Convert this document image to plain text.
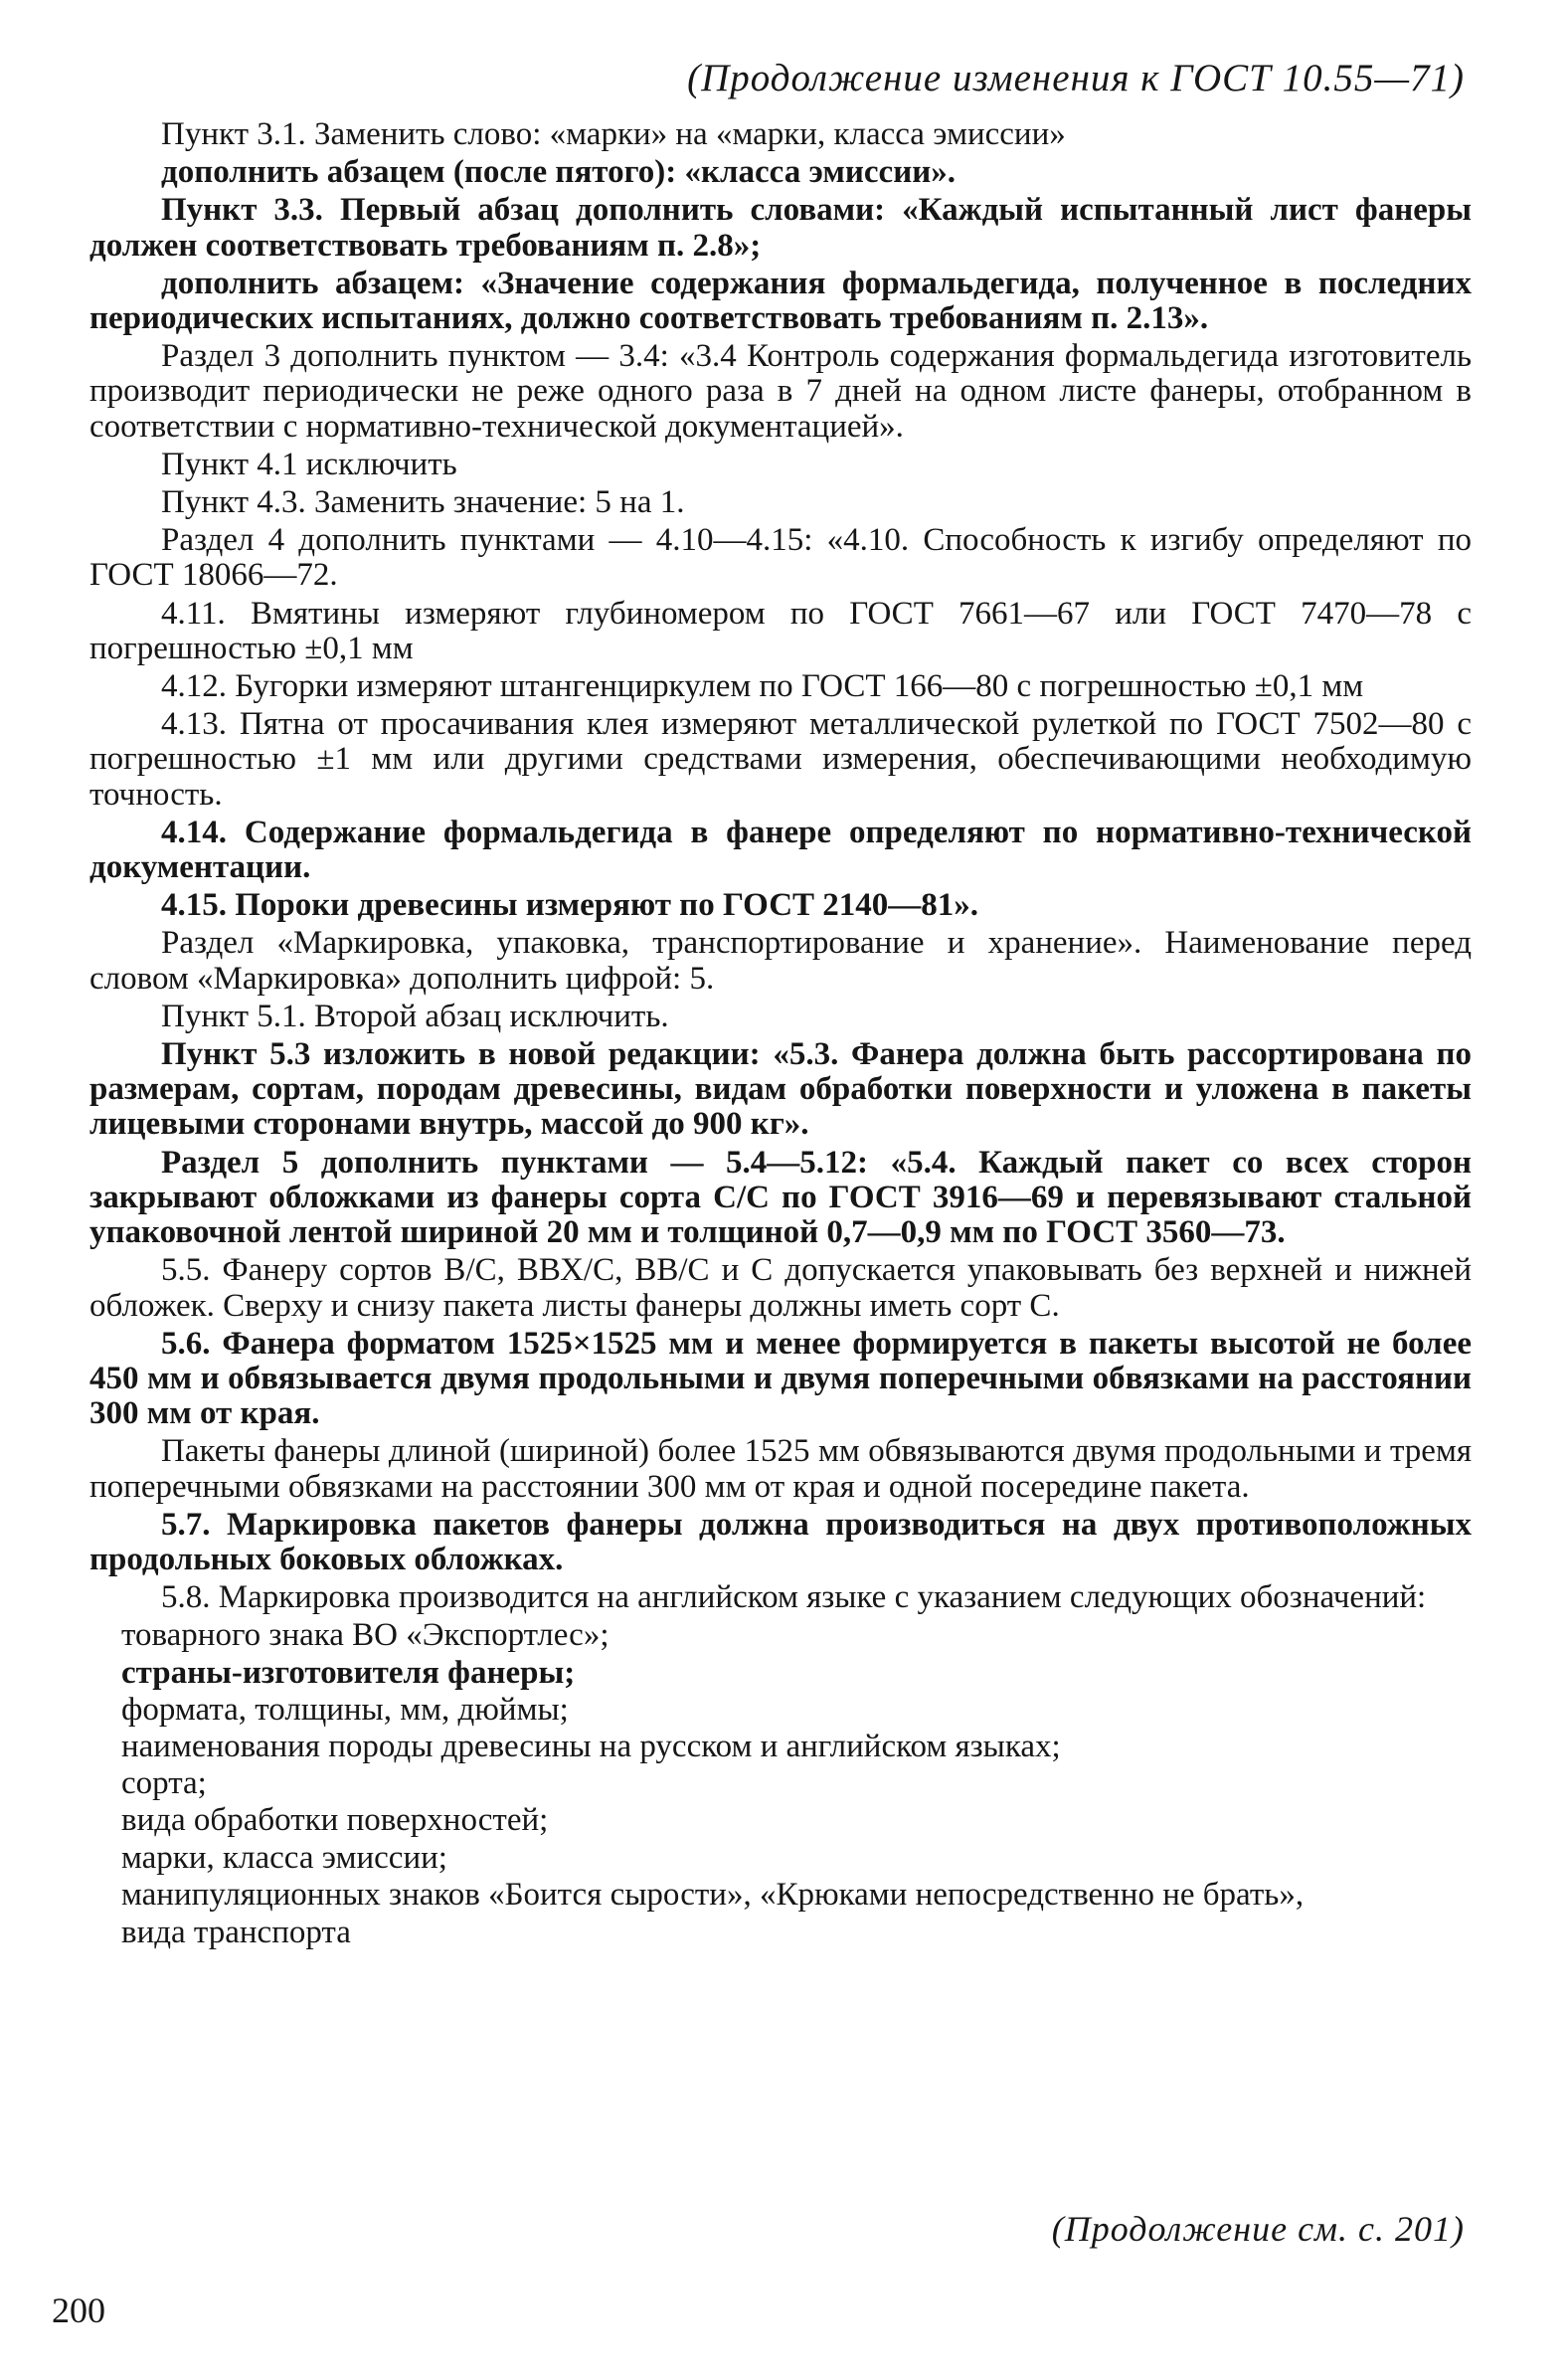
(Продолжение изменения к ГОСТ 10.55—71)

Пункт 3.1. Заменить слово: «марки» на «марки, класса эмиссии»

дополнить абзацем (после пятого): «класса эмиссии».

Пункт 3.3. Первый абзац дополнить словами: «Каждый испытанный лист фанеры должен соответствовать требованиям п. 2.8»;

дополнить абзацем: «Значение содержания формальдегида, полученное в последних периодических испытаниях, должно соответствовать требованиям п. 2.13».

Раздел 3 дополнить пунктом — 3.4: «3.4 Контроль содержания формальдегида изготовитель производит периодически не реже одного раза в 7 дней на одном листе фанеры, отобранном в соответствии с нормативно-технической документацией».

Пункт 4.1 исключить

Пункт 4.3. Заменить значение: 5 на 1.

Раздел 4 дополнить пунктами — 4.10—4.15: «4.10. Способность к изгибу определяют по ГОСТ 18066—72.

4.11. Вмятины измеряют глубиномером по ГОСТ 7661—67 или ГОСТ 7470—78 с погрешностью ±0,1 мм

4.12. Бугорки измеряют штангенциркулем по ГОСТ 166—80 с погрешностью ±0,1 мм

4.13. Пятна от просачивания клея измеряют металлической рулеткой по ГОСТ 7502—80 с погрешностью ±1 мм или другими средствами измерения, обеспечивающими необходимую точность.

4.14. Содержание формальдегида в фанере определяют по нормативно-технической документации.

4.15. Пороки древесины измеряют по ГОСТ 2140—81».

Раздел «Маркировка, упаковка, транспортирование и хранение». Наименование перед словом «Маркировка» дополнить цифрой: 5.

Пункт 5.1. Второй абзац исключить.

Пункт 5.3 изложить в новой редакции: «5.3. Фанера должна быть рассортирована по размерам, сортам, породам древесины, видам обработки поверхности и уложена в пакеты лицевыми сторонами внутрь, массой до 900 кг».

Раздел 5 дополнить пунктами — 5.4—5.12: «5.4. Каждый пакет со всех сторон закрывают обложками из фанеры сорта С/С по ГОСТ 3916—69 и перевязывают стальной упаковочной лентой шириной 20 мм и толщиной 0,7—0,9 мм по ГОСТ 3560—73.

5.5. Фанеру сортов В/С, ВВХ/С, ВВ/С и С допускается упаковывать без верхней и нижней обложек. Сверху и снизу пакета листы фанеры должны иметь сорт С.

5.6. Фанера форматом 1525×1525 мм и менее формируется в пакеты высотой не более 450 мм и обвязывается двумя продольными и двумя поперечными обвязками на расстоянии 300 мм от края.

Пакеты фанеры длиной (шириной) более 1525 мм обвязываются двумя продольными и тремя поперечными обвязками на расстоянии 300 мм от края и одной посередине пакета.

5.7. Маркировка пакетов фанеры должна производиться на двух противоположных продольных боковых обложках.

5.8. Маркировка производится на английском языке с указанием следующих обозначений:

товарного знака ВО «Экспортлес»;

страны-изготовителя фанеры;

формата, толщины, мм, дюймы;

наименования породы древесины на русском и английском языках;

сорта;

вида обработки поверхностей;

марки, класса эмиссии;

манипуляционных знаков «Боится сырости», «Крюками непосредственно не брать»,

вида транспорта

(Продолжение см. с. 201)
200
